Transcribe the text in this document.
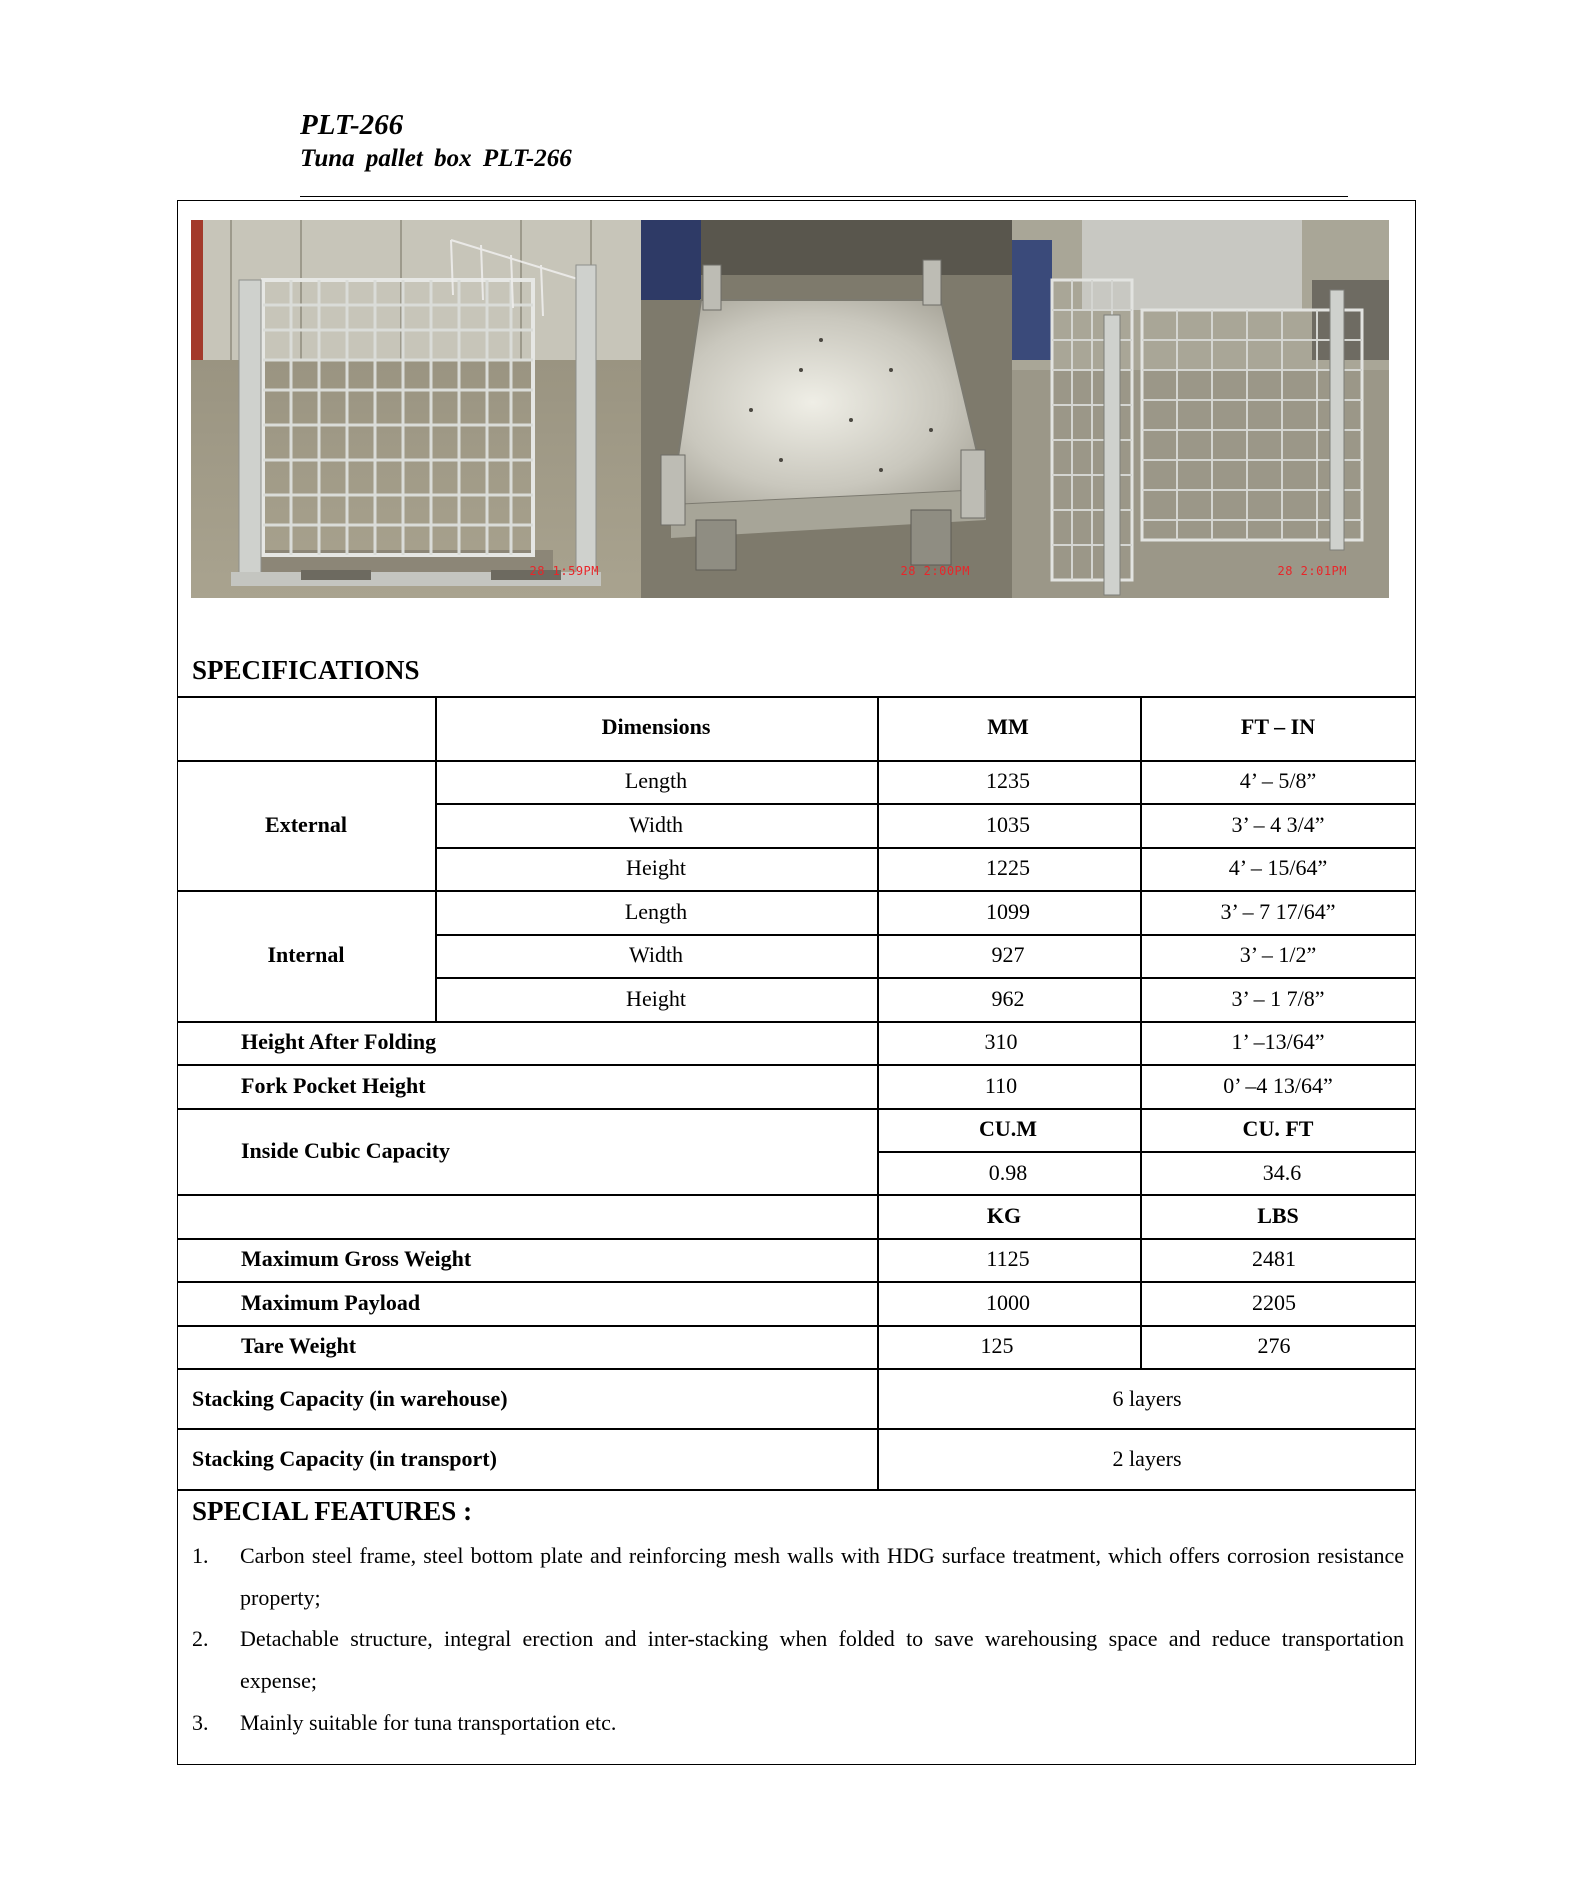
PLT-266
Tuna pallet box PLT-266
28 1:59PM	28 2:00PM	28 2:01PM
SPECIFICATIONS
Dimensions	MM	FT – IN
External
Length	1235	4’ – 5/8”
Width	1035	3’ – 4 3/4”
Height	1225	4’ – 15/64”
Internal
Length	1099	3’ – 7 17/64”
Width	927	3’ – 1/2”
Height	962	3’ – 1 7/8”
Height After Folding	310	1’ –13/64”
Fork Pocket Height	110	0’ –4 13/64”
Inside Cubic Capacity
CU.M	CU. FT
0.98	34.6
KG	LBS
Maximum Gross Weight	1125	2481
Maximum Payload	1000	2205
Tare Weight	125	276
Stacking Capacity (in warehouse)	6 layers
Stacking Capacity (in transport)	2 layers
SPECIAL FEATURES :
1. Carbon steel frame, steel bottom plate and reinforcing mesh walls with HDG surface treatment, which offers corrosion resistance property;
2. Detachable structure, integral erection and inter-stacking when folded to save warehousing space and reduce transportation expense;
3. Mainly suitable for tuna transportation etc.
